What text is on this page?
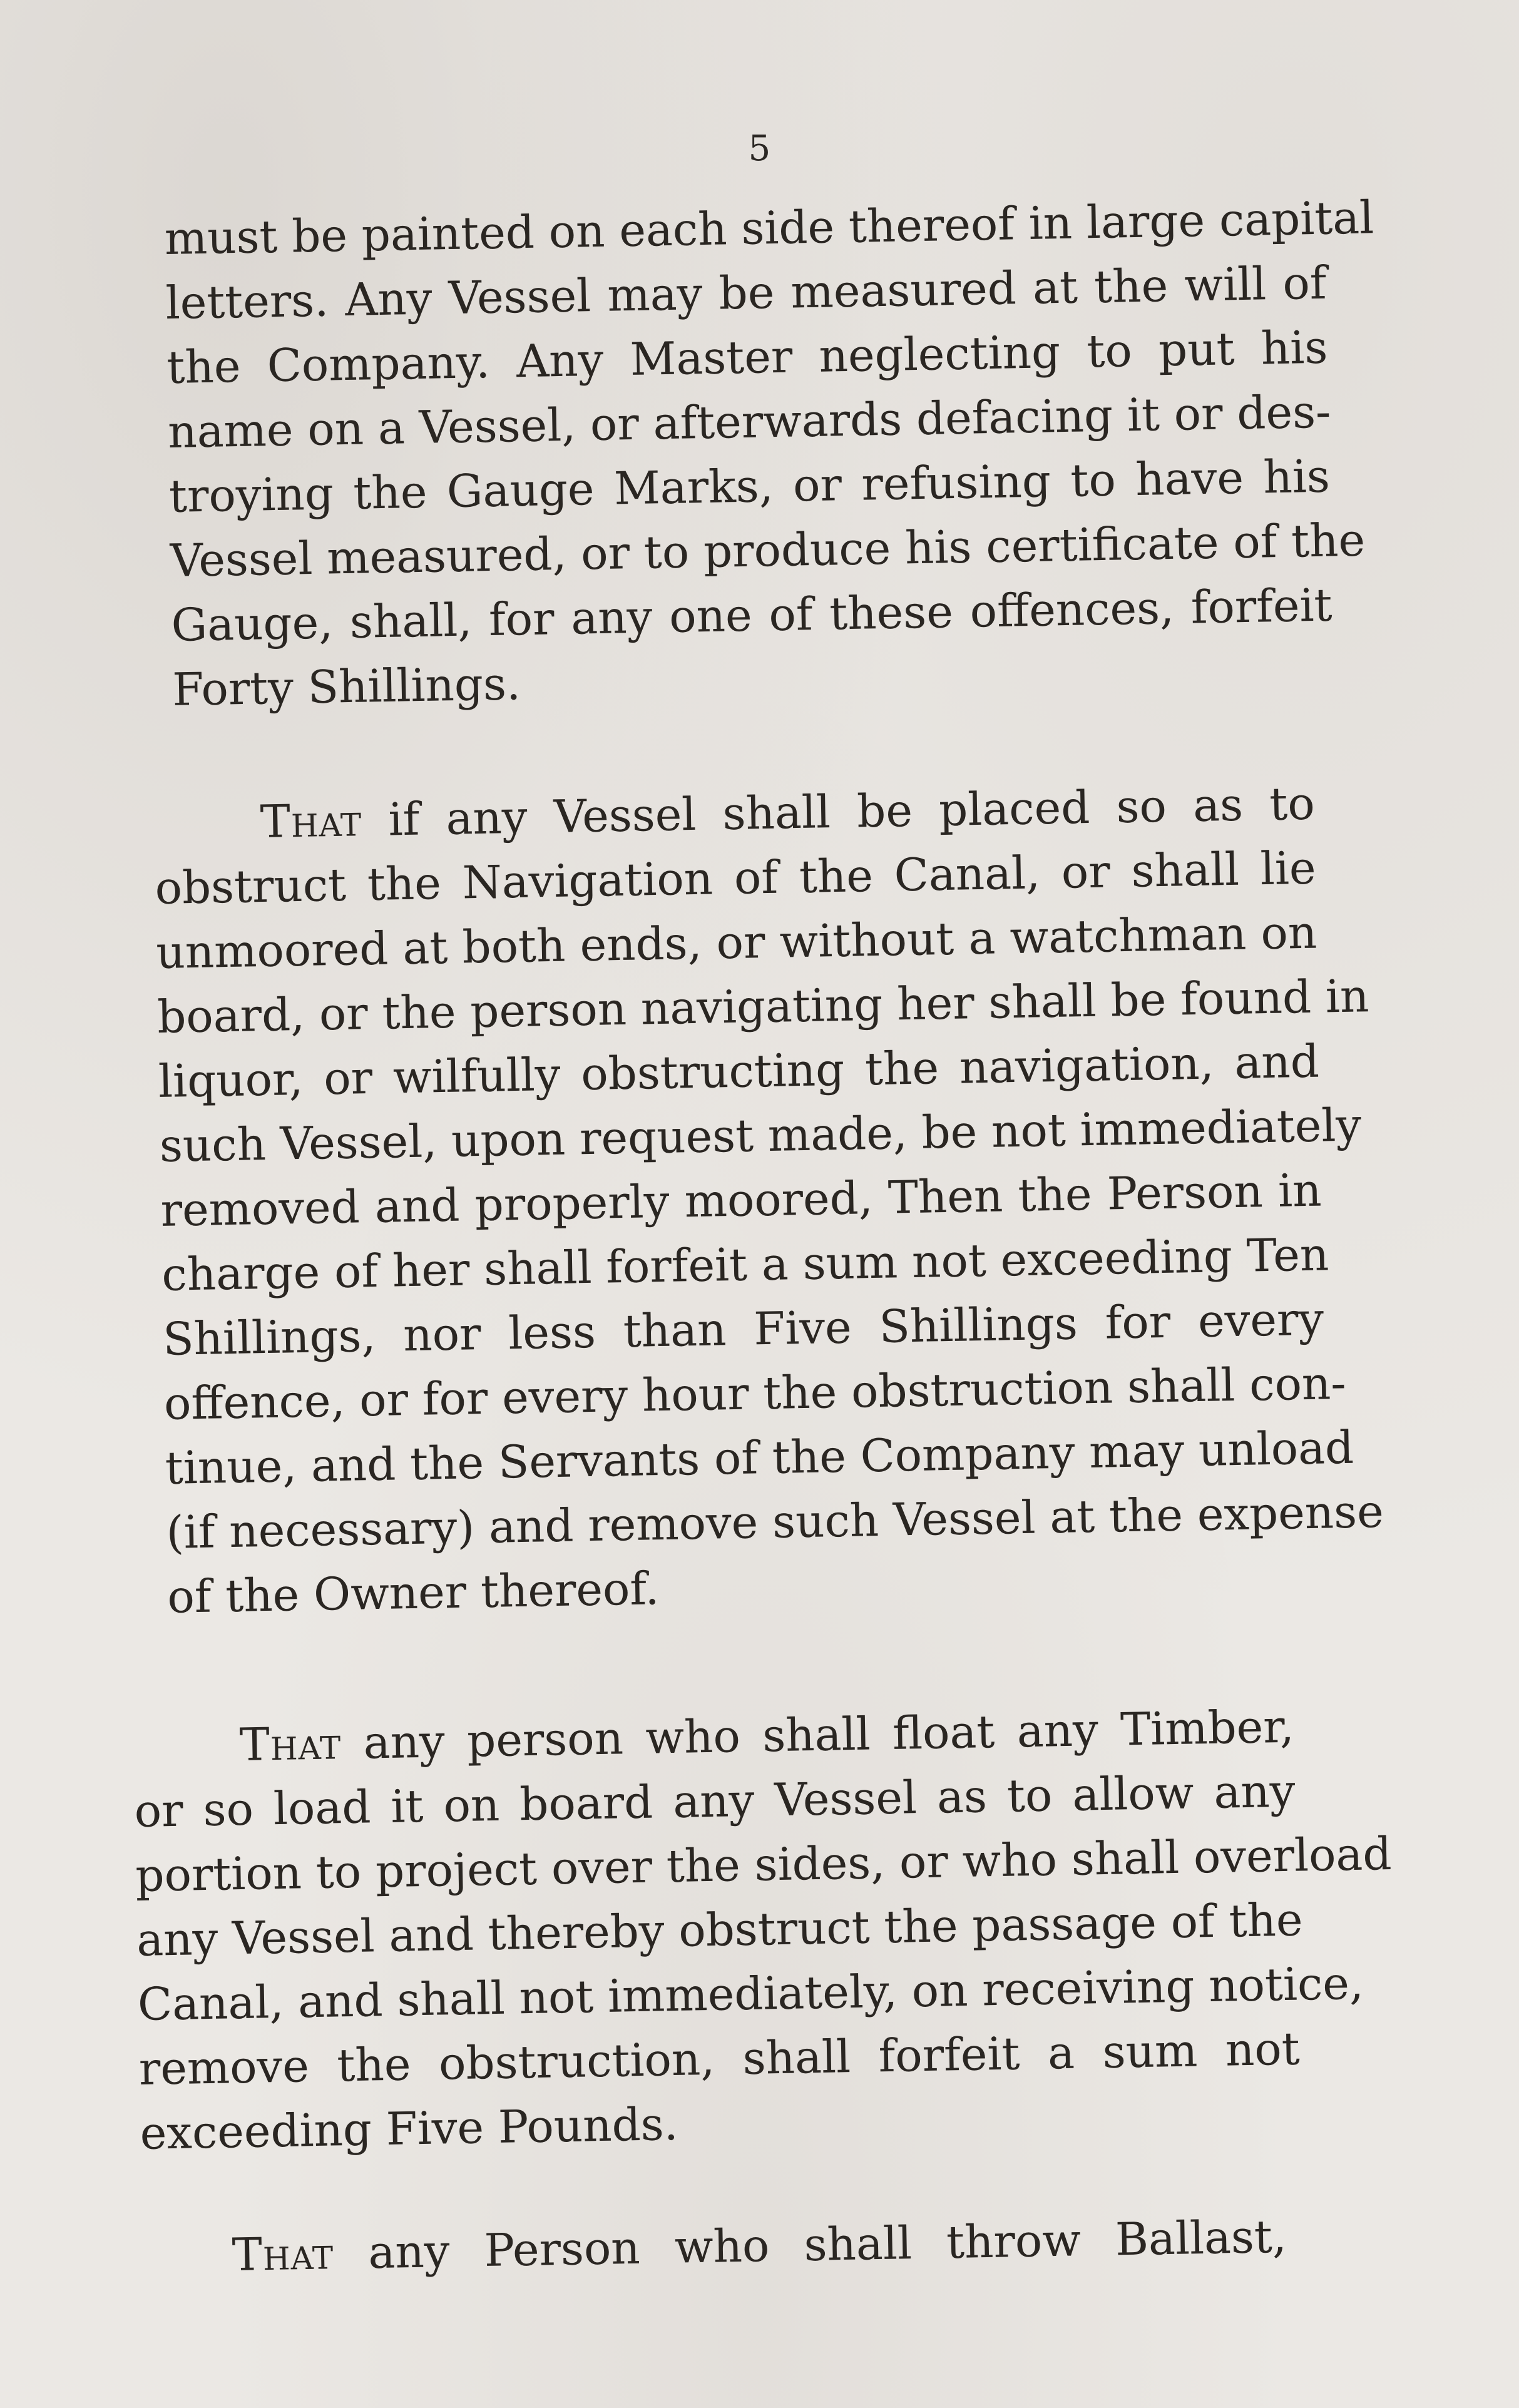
5
must be painted on each side thereof in large capital
letters. Any Vessel may be measured at the will of
the Company. Any Master neglecting to put his
name on a Vessel, or afterwards defacing it or des-
troying the Gauge Marks, or refusing to have his
Vessel measured, or to produce his certificate of the
Gauge, shall, for any one of these offences, forfeit
Forty Shillings.
That if any Vessel shall be placed so as to
obstruct the Navigation of the Canal, or shall lie
unmoored at both ends, or without a watchman on
board, or the person navigating her shall be found in
liquor, or wilfully obstructing the navigation, and
such Vessel, upon request made, be not immediately
removed and properly moored, Then the Person in
charge of her shall forfeit a sum not exceeding Ten
Shillings, nor less than Five Shillings for every
offence, or for every hour the obstruction shall con-
tinue, and the Servants of the Company may unload
(if necessary) and remove such Vessel at the expense
of the Owner thereof.
That any person who shall float any Timber,
or so load it on board any Vessel as to allow any
portion to project over the sides, or who shall overload
any Vessel and thereby obstruct the passage of the
Canal, and shall not immediately, on receiving notice,
remove the obstruction, shall forfeit a sum not
exceeding Five Pounds.
That any Person who shall throw Ballast,
